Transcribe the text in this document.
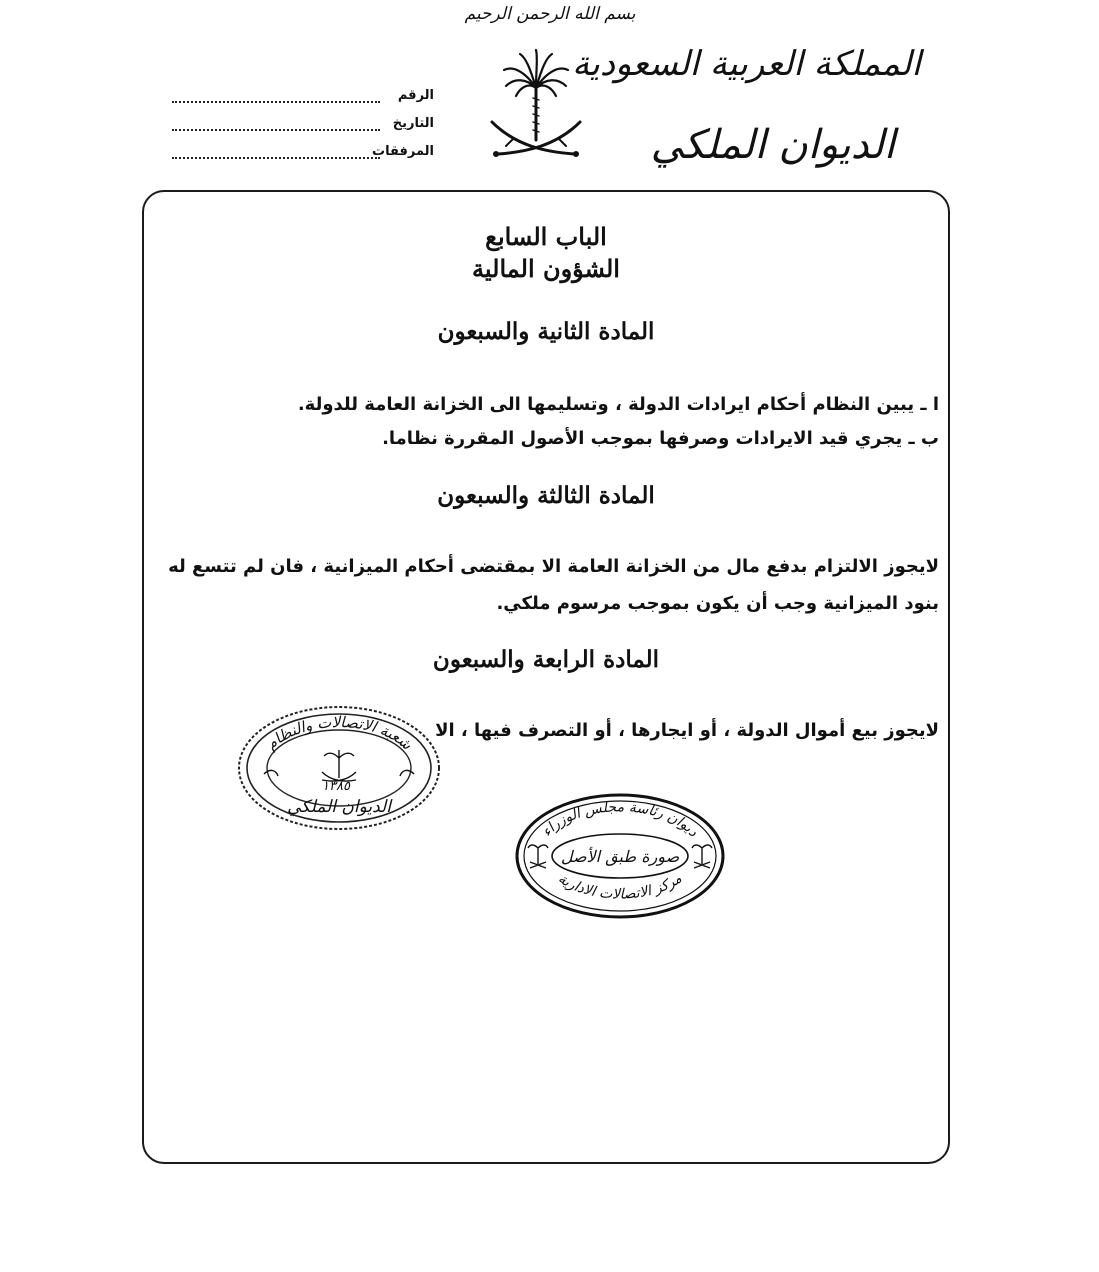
بسم الله الرحمن الرحيم
المملكة العربية السعودية
الديوان الملكي
الرقم
التاريخ
المرفقات
الباب السابع
الشؤون المالية
المادة الثانية والسبعون
ا ـ يبين النظام أحكام ايرادات الدولة ، وتسليمها الى الخزانة العامة للدولة.
ب ـ يجري قيد الايرادات وصرفها بموجب الأصول المقررة نظاما.
المادة الثالثة والسبعون
لايجوز الالتزام بدفع مال من الخزانة العامة الا بمقتضى أحكام الميزانية ، فان لم تتسع له
بنود الميزانية وجب أن يكون بموجب مرسوم ملكي.
المادة الرابعة والسبعون
لايجوز بيع أموال الدولة ، أو ايجارها ، أو التصرف فيها ، الا
شعبة الاتصالات والنظام
١٣٨٥
الديوان الملكي
ديوان رئاسة مجلس الوزراء
مركز الاتصالات الادارية
صورة طبق الأصل
